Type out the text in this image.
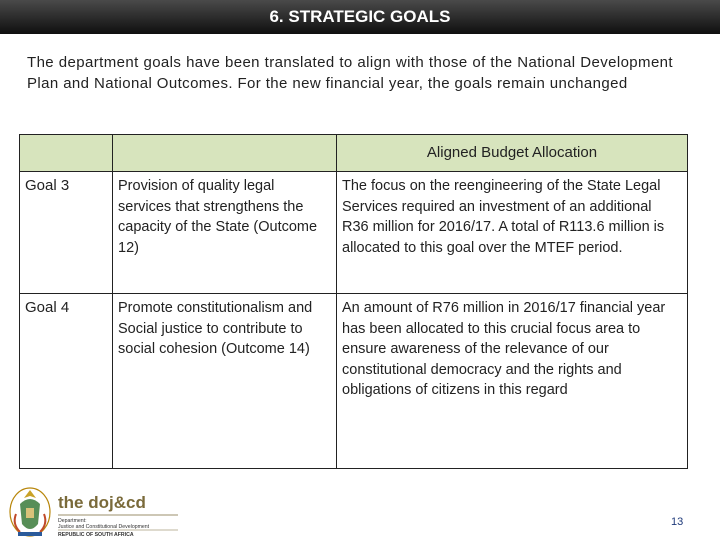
6. STRATEGIC GOALS
The department goals have been translated to align with those of the National Development Plan and National Outcomes. For the new financial year, the goals remain unchanged
		Aligned Budget Allocation
Goal 3	Provision of quality legal services that strengthens the capacity of the State (Outcome 12)	The focus on the reengineering of the State Legal Services required an investment of an additional R36 million for 2016/17. A total of R113.6 million is allocated to this goal over the MTEF period.
Goal 4	Promote constitutionalism and Social justice to contribute to social cohesion (Outcome 14)	An amount of R76 million in 2016/17 financial year has been allocated to this crucial focus area to ensure awareness of the relevance of our constitutional democracy and the rights and obligations of citizens in this regard
the doj&cd
Department:
Justice and Constitutional Development
REPUBLIC OF SOUTH AFRICA
13
